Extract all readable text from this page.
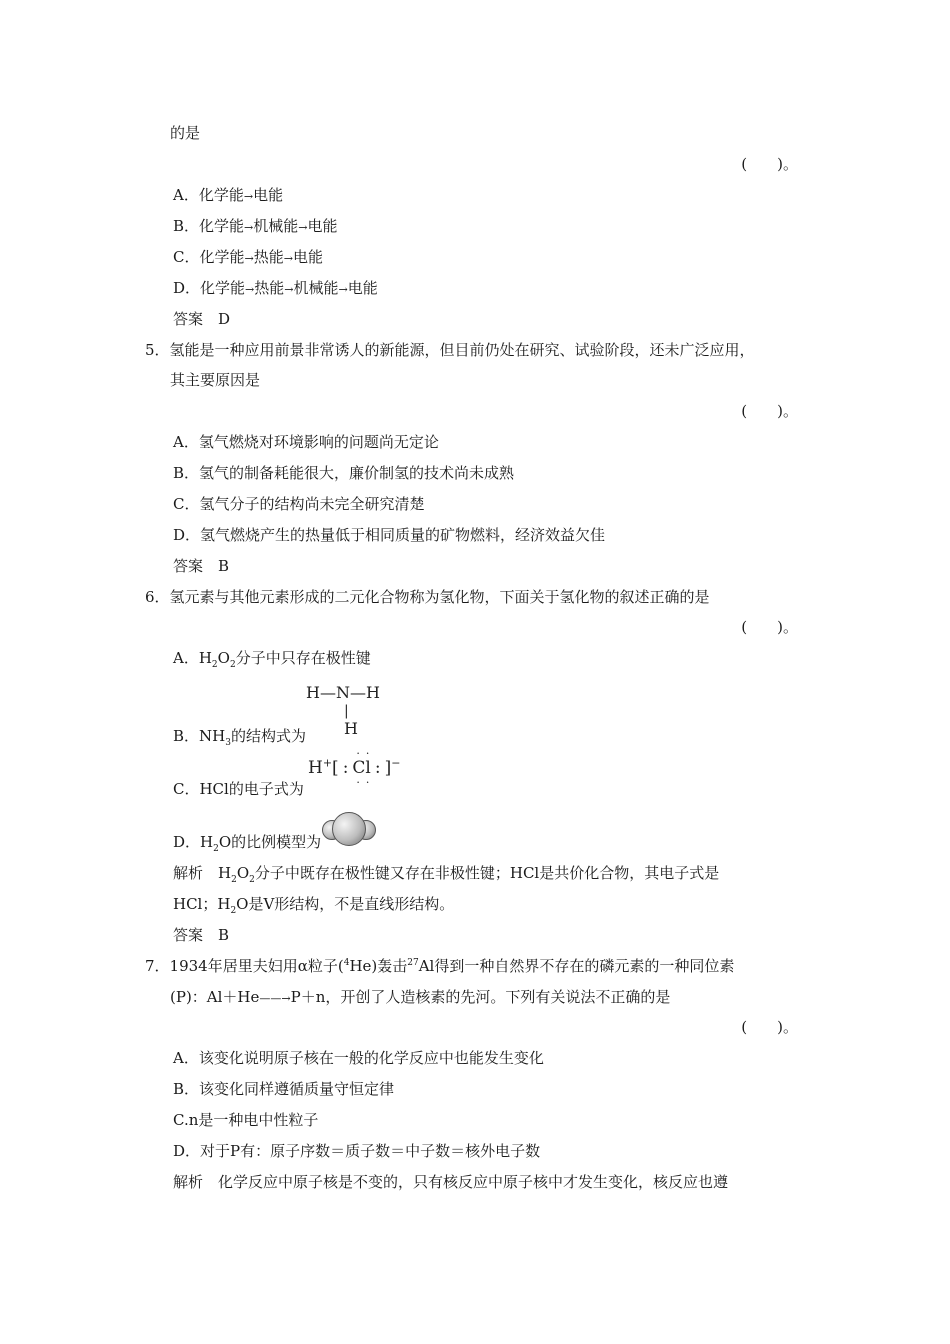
的是
(　　)。
A．化学能→电能
B．化学能→机械能→电能
C．化学能→热能→电能
D．化学能→热能→机械能→电能
答案　D
5．氢能是一种应用前景非常诱人的新能源，但目前仍处在研究、试验阶段，还未广泛应用，
其主要原因是
(　　)。
A．氢气燃烧对环境影响的问题尚无定论
B．氢气的制备耗能很大，廉价制氢的技术尚未成熟
C．氢气分子的结构尚未完全研究清楚
D．氢气燃烧产生的热量低于相同质量的矿物燃料，经济效益欠佳
答案　B
6．氢元素与其他元素形成的二元化合物称为氢化物，下面关于氢化物的叙述正确的是
(　　)。
A．$H_2O_2$分子中只存在极性键
H—N—H
|
H
B．$NH_3$的结构式为
H+[ :
··
Cl
··
: ]−
C．HCl的电子式为
D．$H_2O$的比例模型为
解析　$H_2O_2$分子中既存在极性键又存在非极性键；HCl是共价化合物，其电子式是
HCl；$H_2O$是V形结构，不是直线形结构。
答案　B
7．1934年居里夫妇用α粒子($^4$He)轰击$^{27}$Al得到一种自然界不存在的磷元素的一种同位素
(P)：Al＋He——→P＋n，开创了人造核素的先河。下列有关说法不正确的是
(　　)。
A．该变化说明原子核在一般的化学反应中也能发生变化
B．该变化同样遵循质量守恒定律
C.n是一种电中性粒子
D．对于P有：原子序数＝质子数＝中子数＝核外电子数
解析　化学反应中原子核是不变的，只有核反应中原子核中才发生变化，核反应也遵
